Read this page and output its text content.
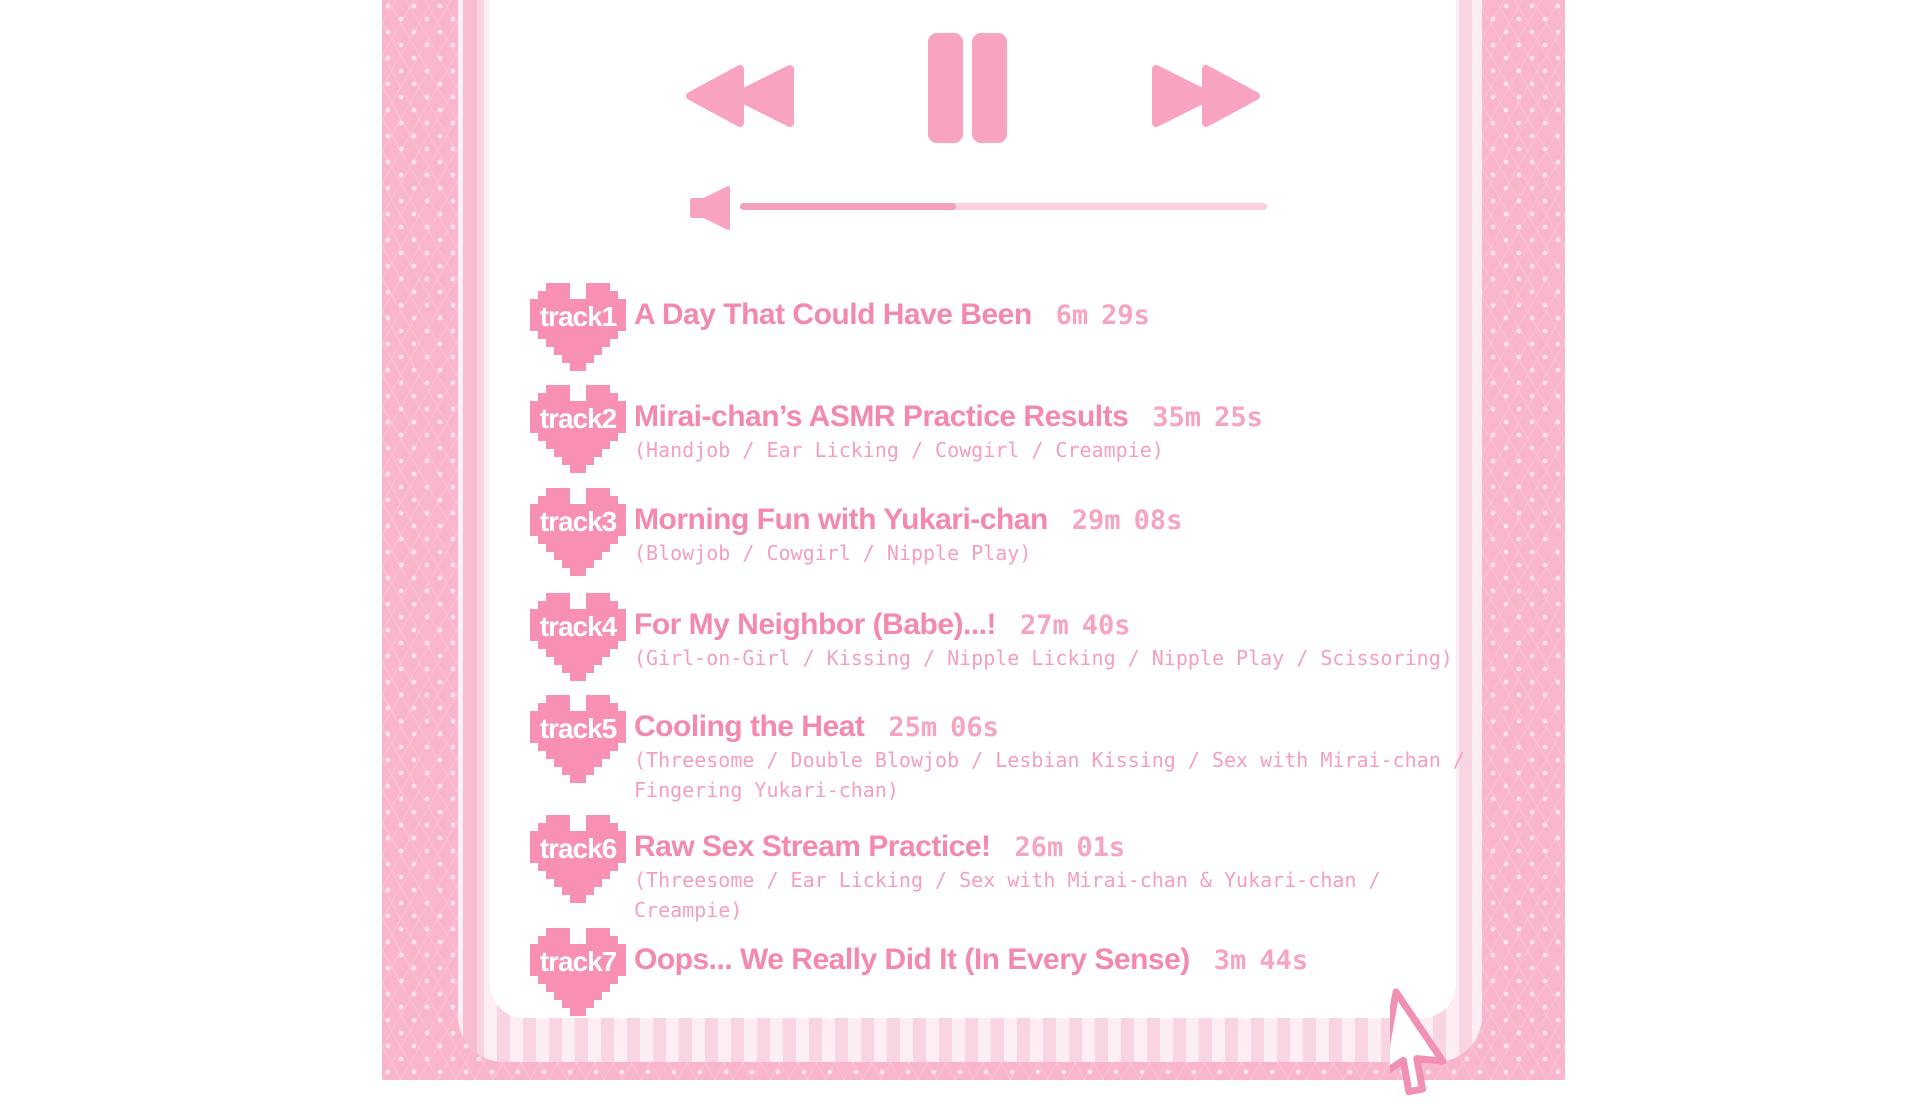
track1 A Day That Could Have Been 6m 29s
track2 Mirai-chan’s ASMR Practice Results 35m 25s
(Handjob / Ear Licking / Cowgirl / Creampie)
track3 Morning Fun with Yukari-chan 29m 08s
(Blowjob / Cowgirl / Nipple Play)
track4 For My Neighbor (Babe)...! 27m 40s
(Girl-on-Girl / Kissing / Nipple Licking / Nipple Play / Scissoring)
track5 Cooling the Heat 25m 06s
(Threesome / Double Blowjob / Lesbian Kissing / Sex with Mirai-chan / Fingering Yukari-chan)
track6 Raw Sex Stream Practice! 26m 01s
(Threesome / Ear Licking / Sex with Mirai-chan & Yukari-chan / Creampie)
track7 Oops... We Really Did It (In Every Sense) 3m 44s
